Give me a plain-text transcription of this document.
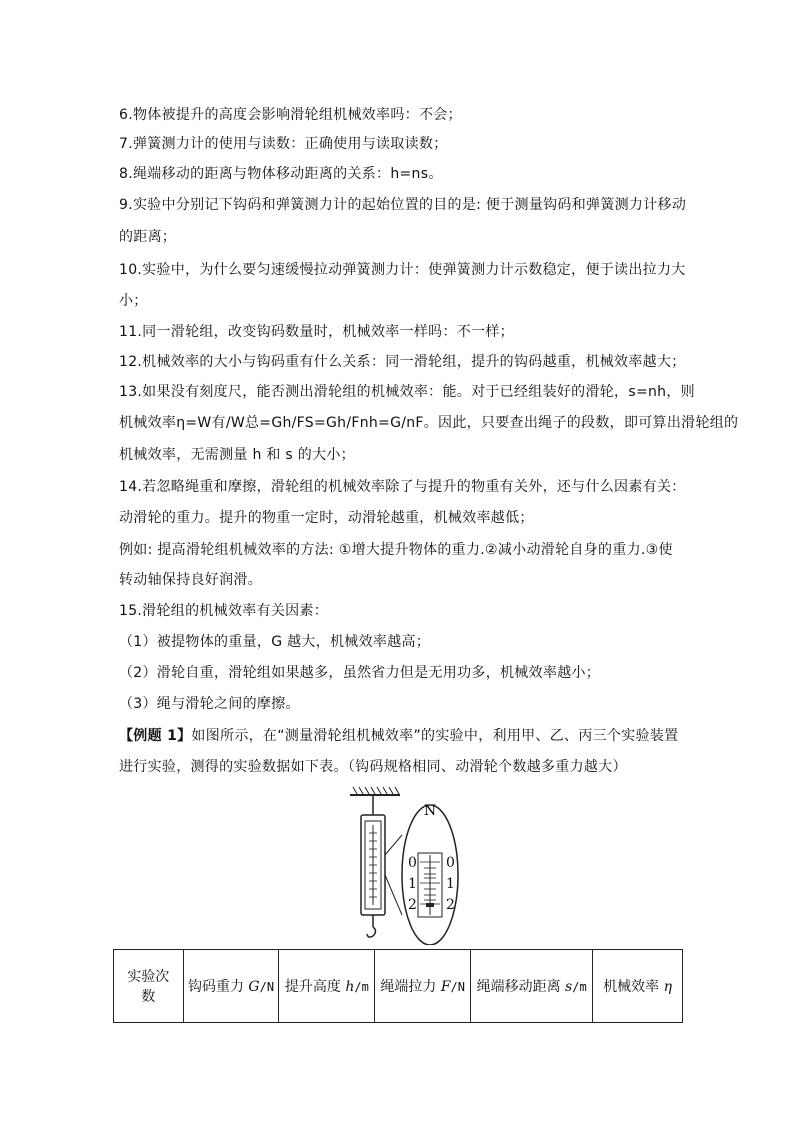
6.物体被提升的高度会影响滑轮组机械效率吗：不会；
7.弹簧测力计的使用与读数：正确使用与读取读数；
8.绳端移动的距离与物体移动距离的关系：h=ns。
9.实验中分别记下钩码和弹簧测力计的起始位置的目的是: 便于测量钩码和弹簧测力计移动
的距离；
10.实验中，为什么要匀速缓慢拉动弹簧测力计：使弹簧测力计示数稳定，便于读出拉力大
小；
11.同一滑轮组，改变钩码数量时，机械效率一样吗：不一样；
12.机械效率的大小与钩码重有什么关系：同一滑轮组，提升的钩码越重，机械效率越大；
13.如果没有刻度尺，能否测出滑轮组的机械效率：能。对于已经组装好的滑轮，s=nh，则
机械效率η=W有/W总=Gh/FS=Gh/Fnh=G/nF。因此，只要查出绳子的段数，即可算出滑轮组的
机械效率，无需测量 h 和 s 的大小；
14.若忽略绳重和摩擦，滑轮组的机械效率除了与提升的物重有关外，还与什么因素有关：
动滑轮的重力。提升的物重一定时，动滑轮越重，机械效率越低；
例如: 提高滑轮组机械效率的方法: ①增大提升物体的重力.②减小动滑轮自身的重力.③使
转动轴保持良好润滑。
15.滑轮组的机械效率有关因素：
（1）被提物体的重量，G 越大，机械效率越高；
（2）滑轮自重，滑轮组如果越多，虽然省力但是无用功多，机械效率越小；
（3）绳与滑轮之间的摩擦。
【例题 1】如图所示，在“测量滑轮组机械效率”的实验中，利用甲、乙、丙三个实验装置
进行实验，测得的实验数据如下表。（钩码规格相同、动滑轮个数越多重力越大）
N
0
1
2
0
1
2
实验次
数
	钩码重力 G/N	提升高度 h/m	绳端拉力 F/N	绳端移动距离 s/m	机械效率 η
